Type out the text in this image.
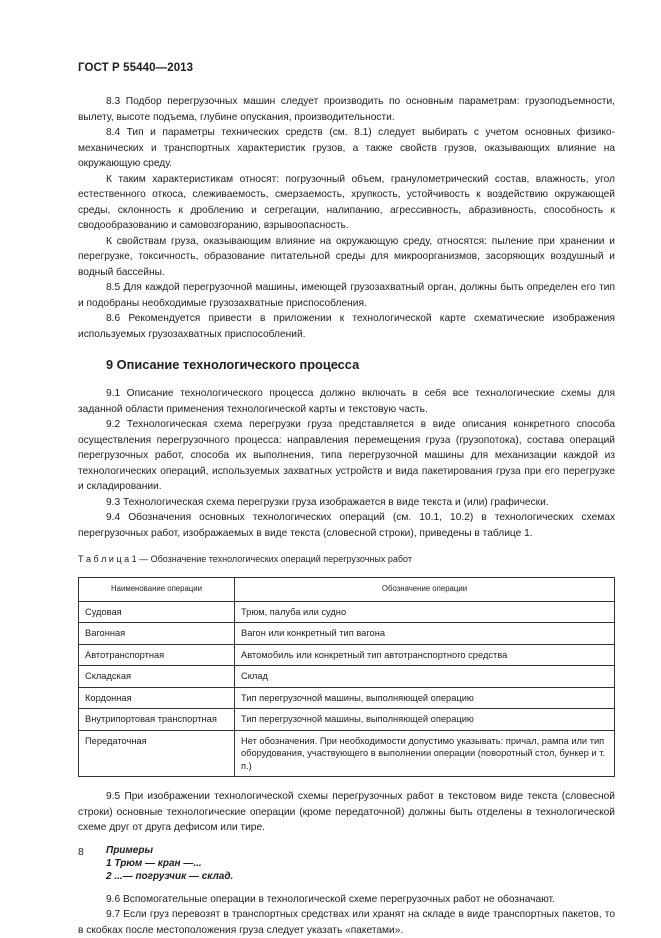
ГОСТ Р 55440—2013

8.3 Подбор перегрузочных машин следует производить по основным параметрам: грузоподъемности, вылету, высоте подъема, глубине опускания, производительности.

8.4 Тип и параметры технических средств (см. 8.1) следует выбирать с учетом основных физико-механических и транспортных характеристик грузов, а также свойств грузов, оказывающих влияние на окружающую среду.

К таким характеристикам относят: погрузочный объем, гранулометрический состав, влажность, угол естественного откоса, слеживаемость, смерзаемость, хрупкость, устойчивость к воздействию окружающей среды, склонность к дроблению и сегрегации, налипанию, агрессивность, абразивность, способность к сводообразованию и самовозгоранию, взрывоопасность.

К свойствам груза, оказывающим влияние на окружающую среду, относятся: пыление при хранении и перегрузке, токсичность, образование питательной среды для микроорганизмов, засоряющих воздушный и водный бассейны.

8.5 Для каждой перегрузочной машины, имеющей грузозахватный орган, должны быть определен его тип и подобраны необходимые грузозахватные приспособления.

8.6 Рекомендуется привести в приложении к технологической карте схематические изображения используемых грузозахватных приспособлений.

9 Описание технологического процесса

9.1 Описание технологического процесса должно включать в себя все технологические схемы для заданной области применения технологической карты и текстовую часть.

9.2 Технологическая схема перегрузки груза представляется в виде описания конкретного способа осуществления перегрузочного процесса: направления перемещения груза (грузопотока), состава операций перегрузочных работ, способа их выполнения, типа перегрузочной машины для механизации каждой из технологических операций, используемых захватных устройств и вида пакетирования груза при его перегрузке и складировании.

9.3 Технологическая схема перегрузки груза изображается в виде текста и (или) графически.

9.4 Обозначения основных технологических операций (см. 10.1, 10.2) в технологических схемах перегрузочных работ, изображаемых в виде текста (словесной строки), приведены в таблице 1.

Т а б л и ц а 1 — Обозначение технологических операций перегрузочных работ
Наименование операции	Обозначение операции
Судовая	Трюм, палуба или судно
Вагонная	Вагон или конкретный тип вагона
Автотранспортная	Автомобиль или конкретный тип автотранспортного средства
Складская	Склад
Кордонная	Тип перегрузочной машины, выполняющей операцию
Внутрипортовая транспортная	Тип перегрузочной машины, выполняющей операцию
Передаточная	Нет обозначения. При необходимости допустимо указывать: причал, рампа или тип оборудования, участвующего в выполнении операции (поворотный стол, бункер и т. п.)

9.5 При изображении технологической схемы перегрузочных работ в текстовом виде текста (словесной строки) основные технологические операции (кроме передаточной) должны быть отделены в технологической схеме друг от друга дефисом или тире.

Примеры
1 Трюм — кран —...
2 ...— погрузчик — склад.

9.6 Вспомогательные операции в технологической схеме перегрузочных работ не обозначают.

9.7 Если груз перевозят в транспортных средствах или хранят на складе в виде транспортных пакетов, то в скобках после местоположения груза следует указать «пакетами».

8
